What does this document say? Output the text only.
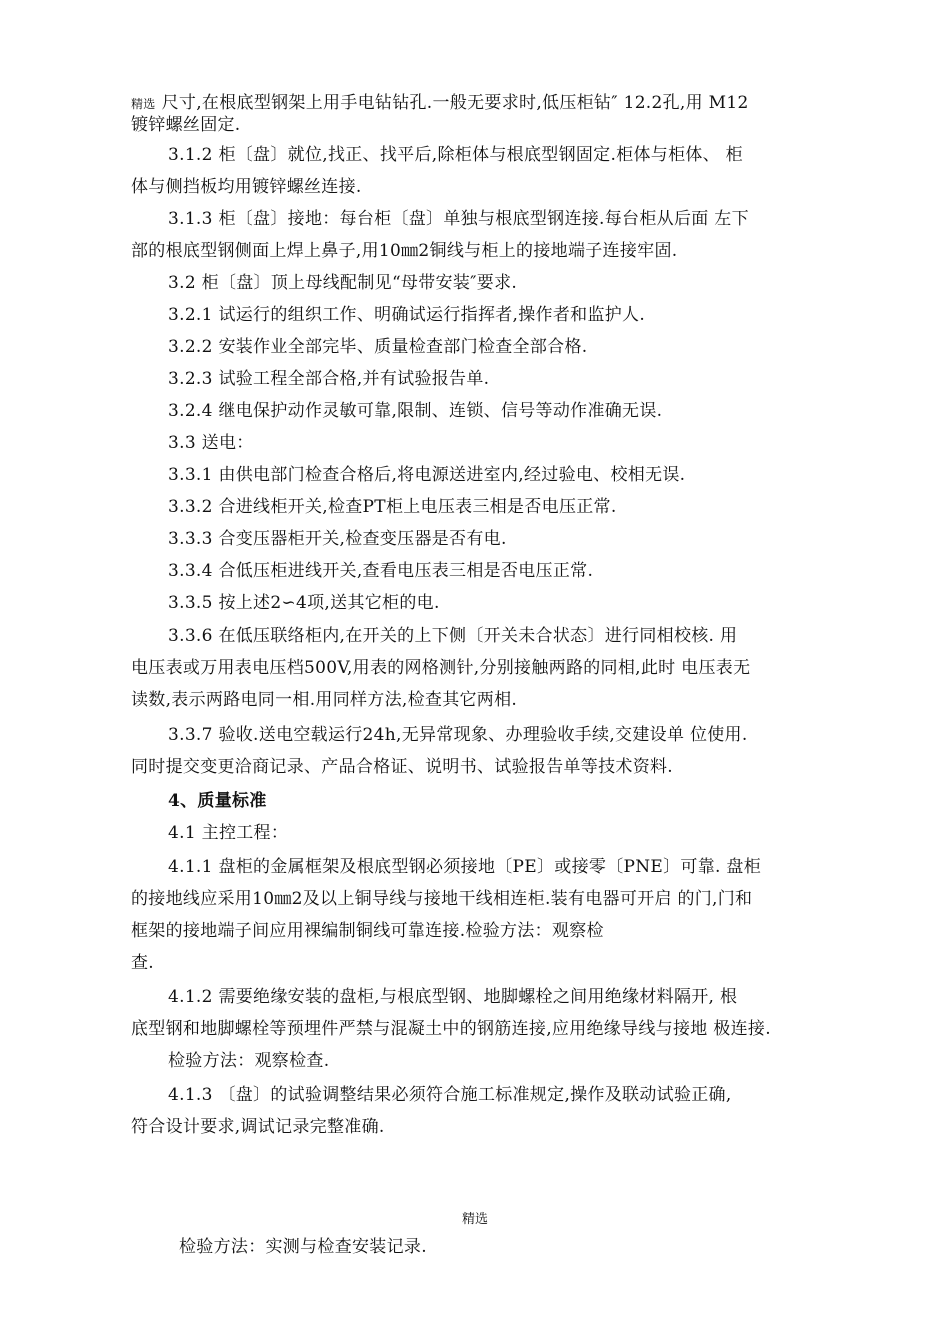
精选 尺寸,在根底型钢架上用手电钻钻孔.一般无要求时,低压柜钻″ 12.2孔,用 M12
镀锌螺丝固定.
3.1.2 柜〔盘〕就位,找正、找平后,除柜体与根底型钢固定.柜体与柜体、 柜
体与侧挡板均用镀锌螺丝连接.
3.1.3 柜〔盘〕接地：每台柜〔盘〕单独与根底型钢连接.每台柜从后面 左下
部的根底型钢侧面上焊上鼻子,用10㎜2铜线与柜上的接地端子连接牢固.
3.2 柜〔盘〕顶上母线配制见“母带安装″要求.
3.2.1 试运行的组织工作、明确试运行指挥者,操作者和监护人.
3.2.2 安装作业全部完毕、质量检查部门检查全部合格.
3.2.3 试验工程全部合格,并有试验报告单.
3.2.4 继电保护动作灵敏可靠,限制、连锁、信号等动作准确无误.
3.3 送电：
3.3.1 由供电部门检查合格后,将电源送进室内,经过验电、校相无误.
3.3.2 合进线柜开关,检查PT柜上电压表三相是否电压正常.
3.3.3 合变压器柜开关,检查变压器是否有电.
3.3.4 合低压柜进线开关,查看电压表三相是否电压正常.
3.3.5 按上述2∽4项,送其它柜的电.
3.3.6 在低压联络柜内,在开关的上下侧〔开关未合状态〕进行同相校核. 用
电压表或万用表电压档500V,用表的网格测针,分别接触两路的同相,此时 电压表无
读数,表示两路电同一相.用同样方法,检查其它两相.
3.3.7 验收.送电空载运行24h,无异常现象、办理验收手续,交建设单 位使用.
同时提交变更洽商记录、产品合格证、说明书、试验报告单等技术资料.
4、质量标准
4.1 主控工程：
4.1.1 盘柜的金属框架及根底型钢必须接地〔PE〕或接零〔PNE〕可靠. 盘柜
的接地线应采用10㎜2及以上铜导线与接地干线相连柜.装有电器可开启 的门,门和
框架的接地端子间应用裸编制铜线可靠连接.检验方法：观察检
查.
4.1.2 需要绝缘安装的盘柜,与根底型钢、地脚螺栓之间用绝缘材料隔开, 根
底型钢和地脚螺栓等预埋件严禁与混凝土中的钢筋连接,应用绝缘导线与接地 极连接.
检验方法：观察检查.
4.1.3 〔盘〕的试验调整结果必须符合施工标准规定,操作及联动试验正确,
符合设计要求,调试记录完整准确.
精选
检验方法：实测与检查安装记录.
